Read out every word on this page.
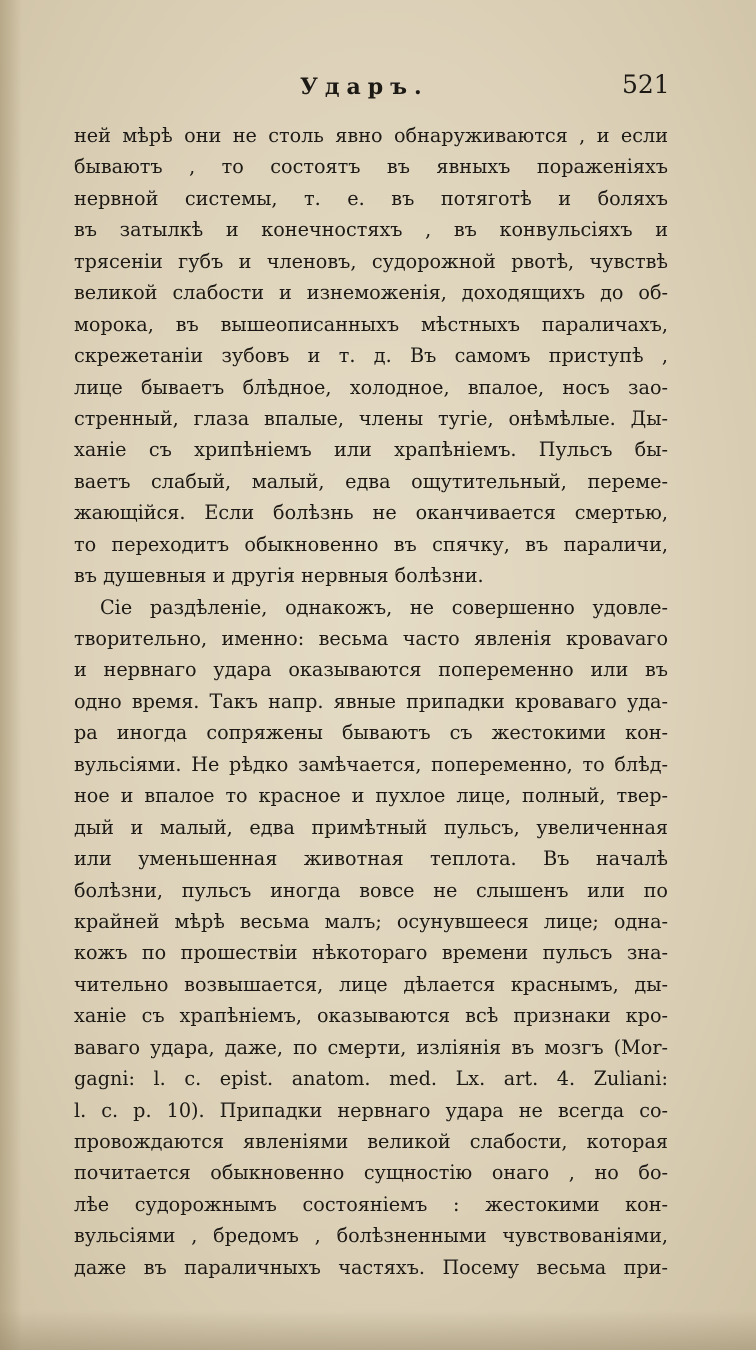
Ударъ.	521
ней мѣрѣ они не столь явно обнаруживаются , и если
бываютъ , то состоятъ въ явныхъ пораженіяхъ
нервной системы, т. е. въ потяготѣ и боляхъ
въ затылкѣ и конечностяхъ , въ конвульсіяхъ и
трясеніи губъ и членовъ, судорожной рвотѣ, чувствѣ
великой слабости и изнеможенія, доходящихъ до об-
морока, въ вышеописанныхъ мѣстныхъ параличахъ,
скрежетаніи зубовъ и т. д. Въ самомъ приступѣ ,
лице бываетъ блѣдное, холодное, впалое, носъ зао-
стренный, глаза впалые, члены тугіе, онѣмѣлые. Ды-
ханіе съ хрипѣніемъ или храпѣніемъ. Пульсъ бы-
ваетъ слабый, малый, едва ощутительный, переме-
жающійся. Если болѣзнь не оканчивается смертью,
то переходитъ обыкновенно въ спячку, въ параличи,
въ душевныя и другія нервныя болѣзни.
Сіе раздѣленіе, однакожъ, не совершенно удовле-
творительно, именно: весьма часто явленія кровavaго
и нервнаго удара оказываются попеременно или въ
одно время. Такъ напр. явные припадки кроваваго уда-
ра иногда сопряжены бываютъ съ жестокими кон-
вульсіями. Не рѣдко замѣчается, попеременно, то блѣд-
ное и впалое то красное и пухлое лице, полный, твер-
дый и малый, едва примѣтный пульсъ, увеличенная
или уменьшенная животная теплота. Въ началѣ
болѣзни, пульсъ иногда вовсе не слышенъ или по
крайней мѣрѣ весьма малъ; осунувшееся лице; одна-
кожъ по прошествіи нѣкотораго времени пульсъ зна-
чительно возвышается, лице дѣлается краснымъ, ды-
ханіе съ храпѣніемъ, оказываются всѣ признаки кро-
ваваго удара, даже, по смерти, изліянія въ мозгъ (Mor-
gagni: l. c. epist. anatom. med. Lx. art. 4. Zuliani:
l. c. p. 10). Припадки нервнаго удара не всегда со-
провождаются явленіями великой слабости, которая
почитается обыкновенно сущностію онаго , но бо-
лѣе судорожнымъ состояніемъ : жестокими кон-
вульсіями , бредомъ , болѣзненными чувствованіями,
даже въ параличныхъ частяхъ. Посему весьма при-
